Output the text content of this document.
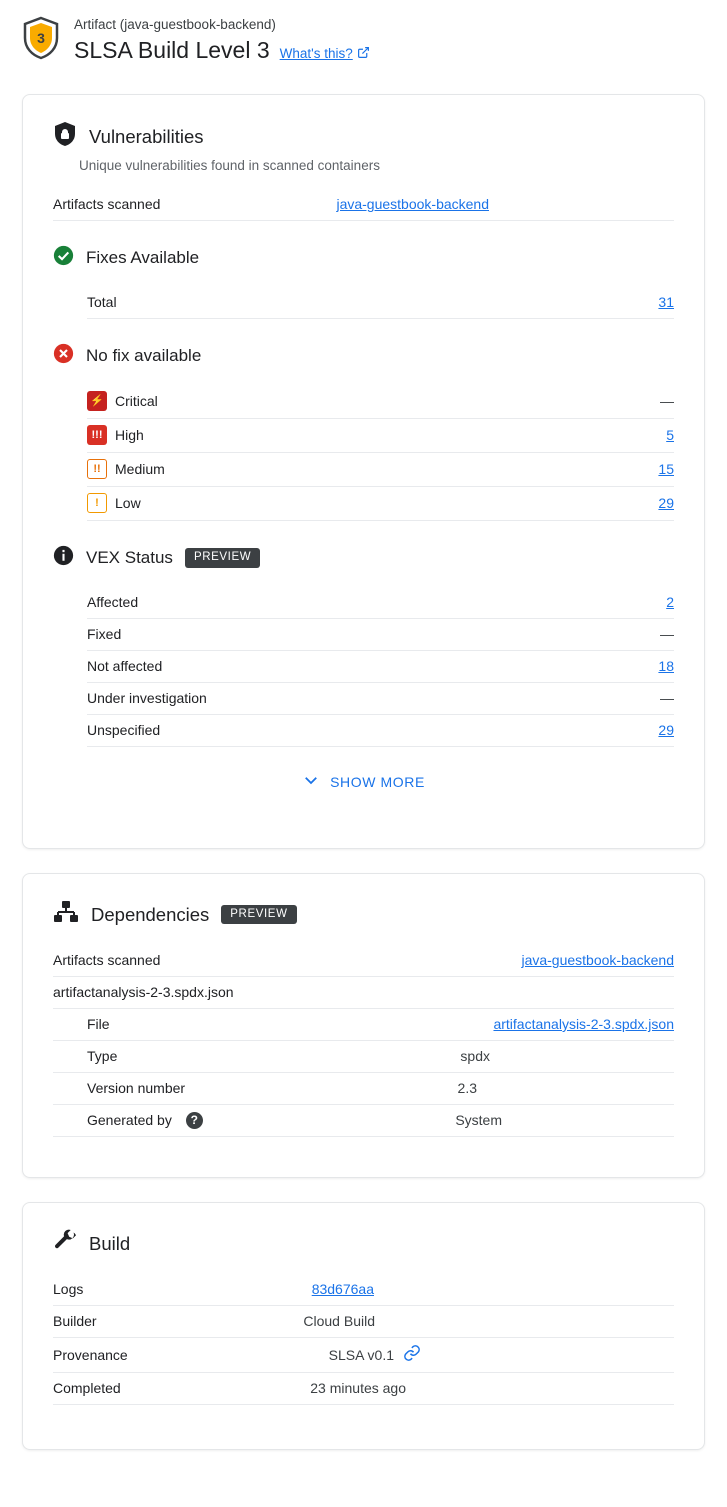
3
Artifact (java-guestbook-backend)
SLSA Build Level 3 What's this?
Vulnerabilities
Unique vulnerabilities found in scanned containers
Artifacts scanned	java-guestbook-backend
Fixes Available
Total	31
No fix available
⚡ Critical	—
!!! High	5
!!	Medium	15
!	Low	29
VEX Status	PREVIEW
Affected	2
Fixed	—
Not affected	18
Under investigation	—
Unspecified	29
SHOW MORE
Dependencies	PREVIEW
Artifacts scanned	java-guestbook-backend
artifactanalysis-2-3.spdx.json
File	artifactanalysis-2-3.spdx.json
Type	spdx
Version number	2.3
Generated by	?	System
Build
Logs	83d676aa
Builder	Cloud Build
Provenance	SLSA v0.1
Completed	23 minutes ago
